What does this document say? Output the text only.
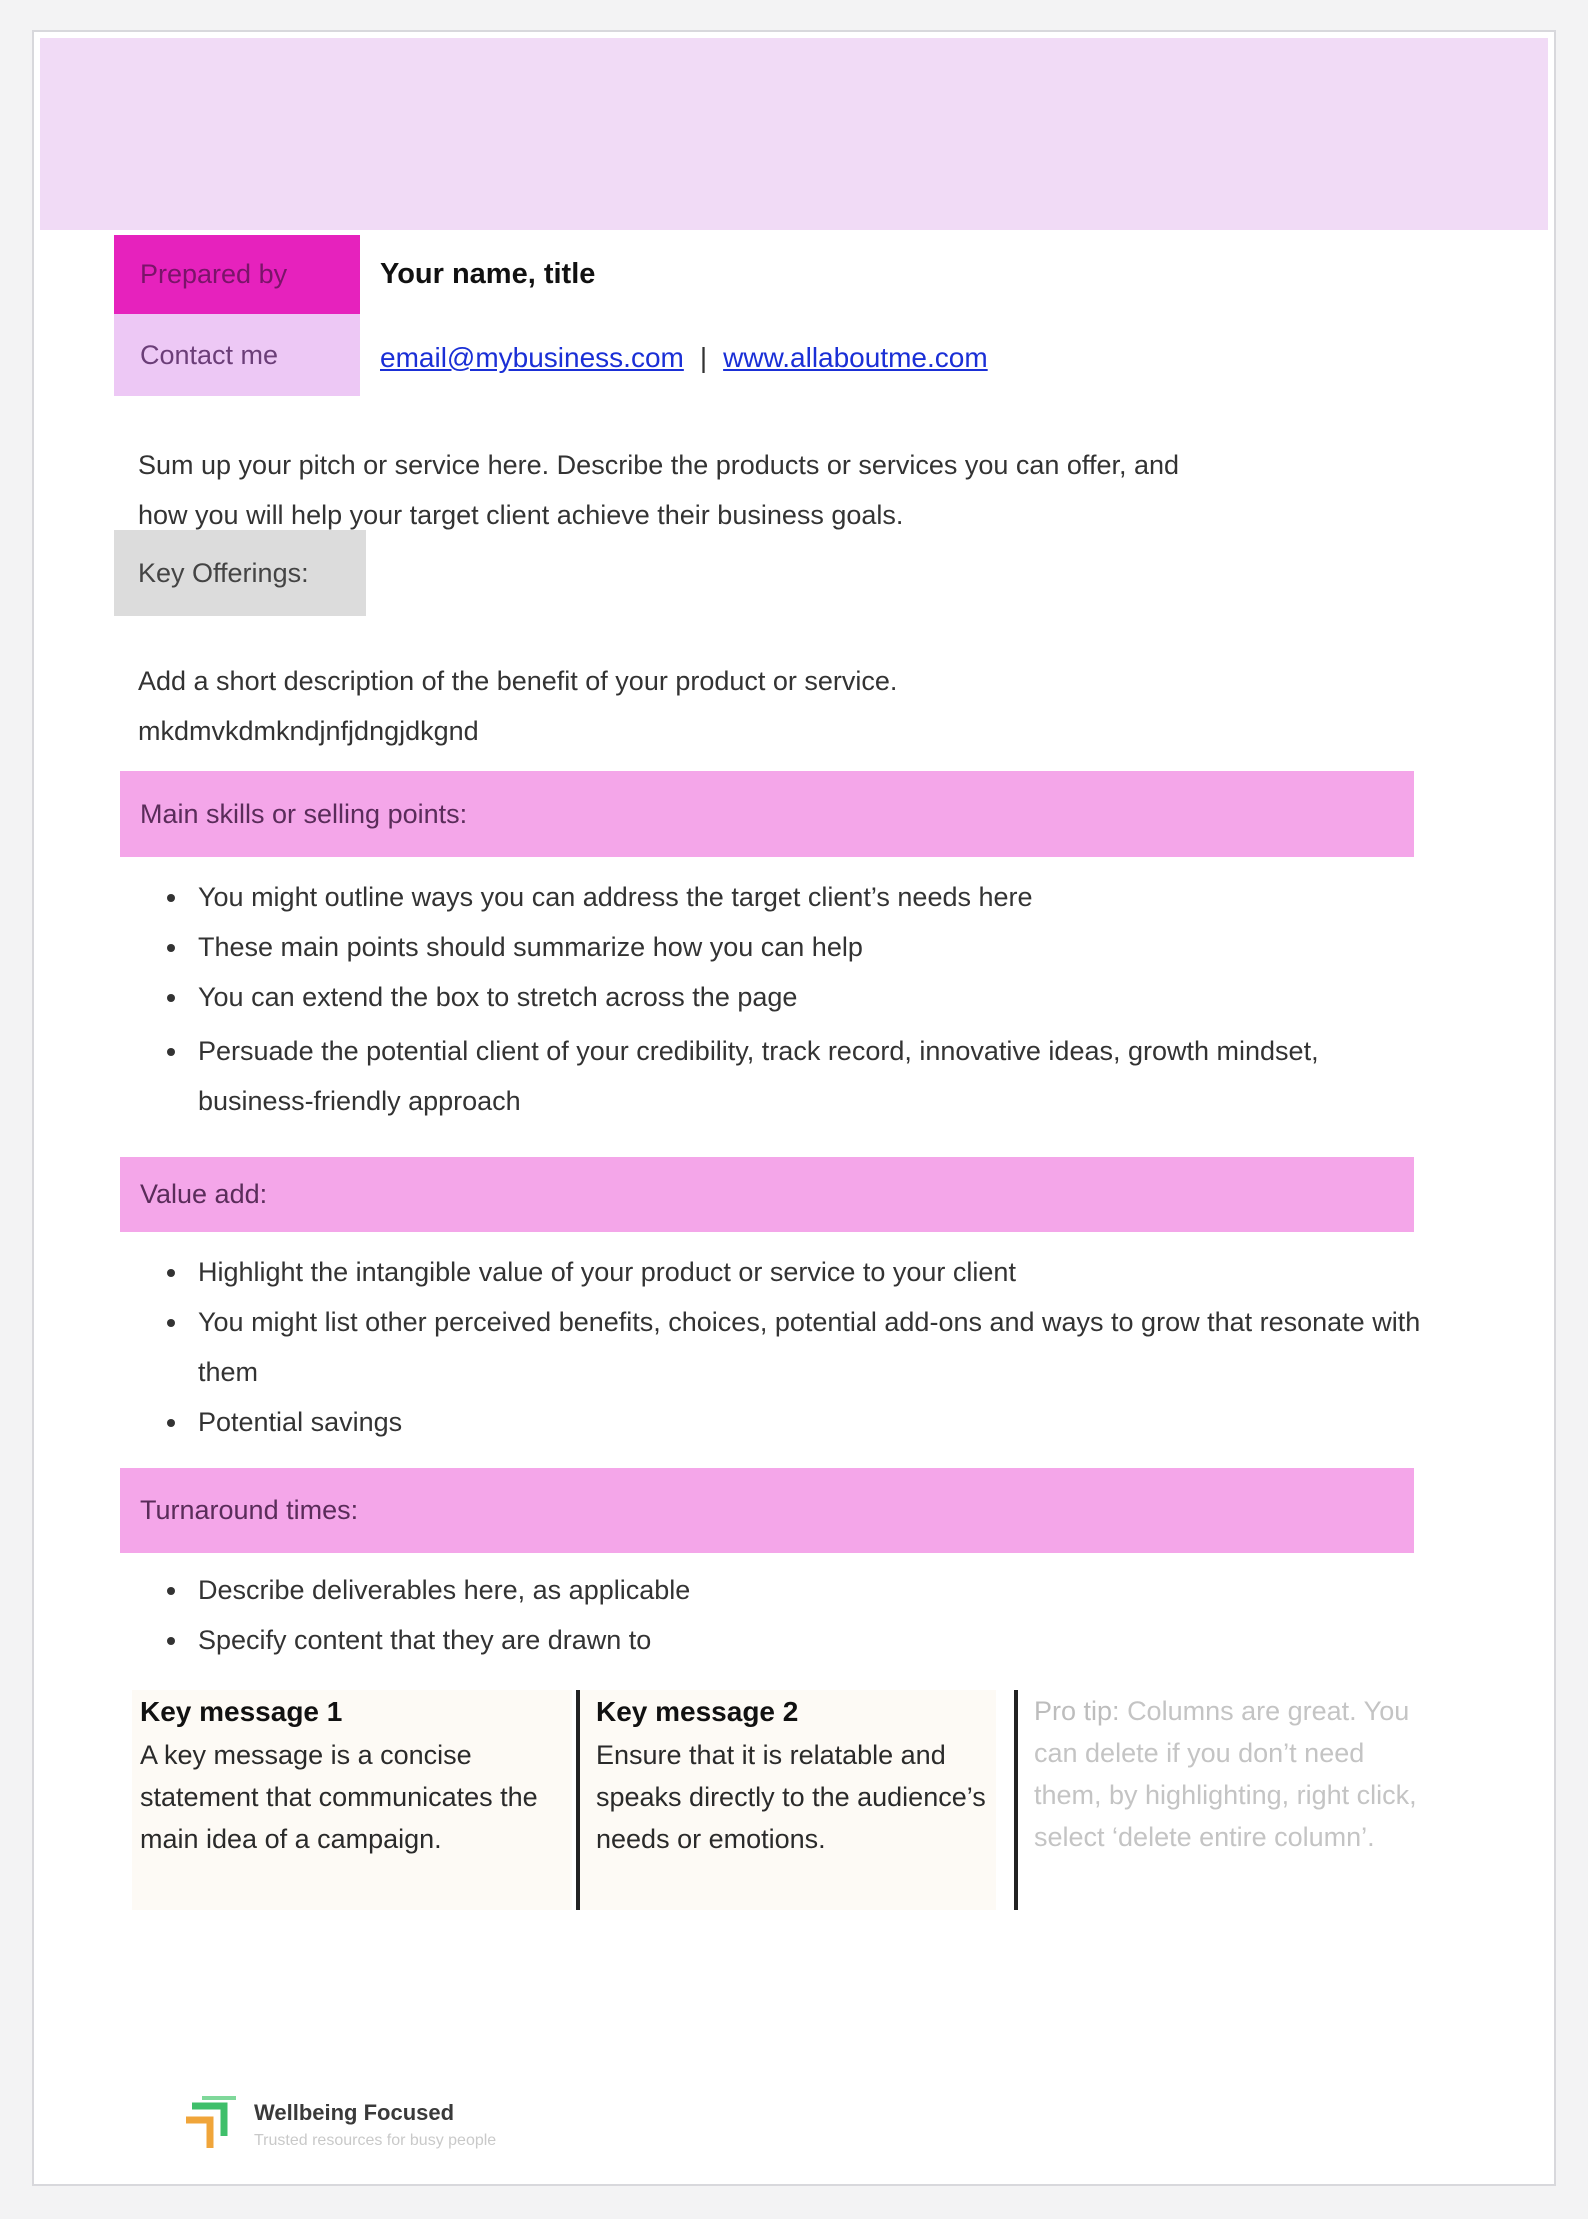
Prepared by	Your name, title
Contact me	email@mybusiness.com | www.allaboutme.com
Sum up your pitch or service here. Describe the products or services you can offer, and
how you will help your target client achieve their business goals.
Key Offerings:
Add a short description of the benefit of your product or service.
mkdmvkdmkndjnfjdngjdkgnd
Main skills or selling points:
• You might outline ways you can address the target client’s needs here
• These main points should summarize how you can help
• You can extend the box to stretch across the page
• Persuade the potential client of your credibility, track record, innovative ideas, growth mindset, business-friendly approach
Value add:
• Highlight the intangible value of your product or service to your client
• You might list other perceived benefits, choices, potential add-ons and ways to grow that resonate with them
• Potential savings
Turnaround times:
• Describe deliverables here, as applicable
• Specify content that they are drawn to
Key message 1

A key message is a concise statement that communicates the main idea of a campaign.

Key message 2

Ensure that it is relatable and speaks directly to the audience’s needs or emotions.

Pro tip: Columns are great. You can delete if you don’t need them, by highlighting, right click, select ‘delete entire column’.

Wellbeing Focused
Trusted resources for busy people
